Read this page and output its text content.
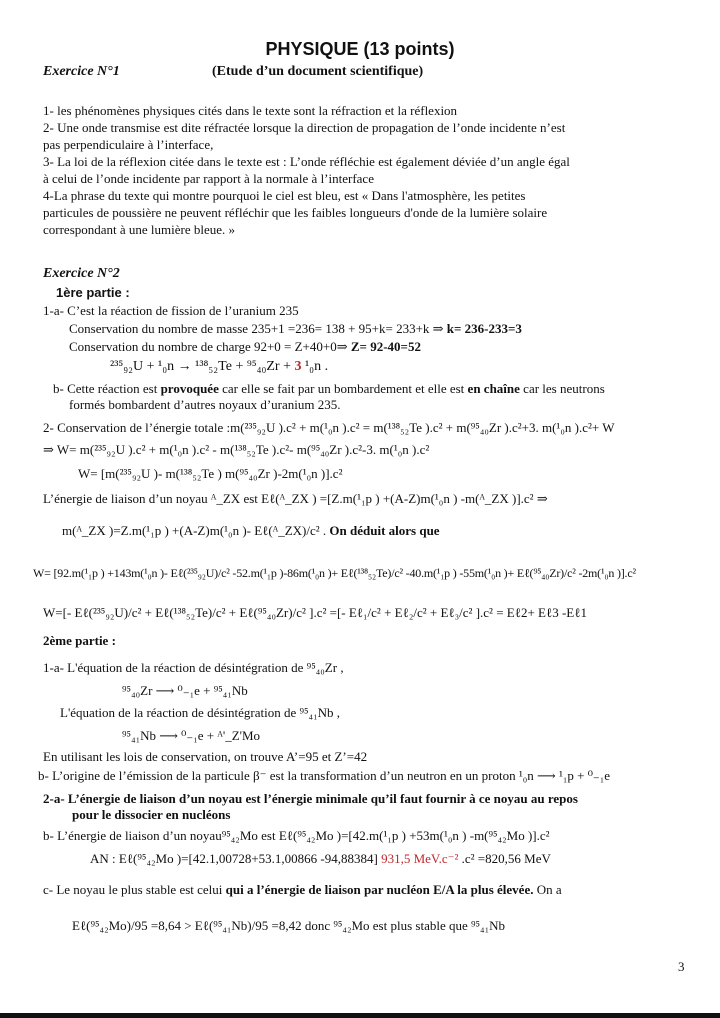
PHYSIQUE (13 points)
Exercice N°1	(Etude d’un document scientifique)
1- les phénomènes physiques cités dans le texte sont la réfraction et la réflexion
2- Une onde transmise est dite réfractée lorsque la direction de propagation de l’onde incidente n’est
pas perpendiculaire à l’interface,
3- La loi de la réflexion citée dans le texte est : L’onde réfléchie est également déviée d’un angle égal
à celui de l’onde incidente par rapport à la normale à l’interface
4-La phrase du texte qui montre pourquoi le ciel est bleu, est « Dans l'atmosphère, les petites
particules de poussière ne peuvent réfléchir que les faibles longueurs d'onde de la lumière solaire
correspondant à une lumière bleue. »
Exercice N°2
1ère partie :
1-a- C’est la réaction de fission de l’uranium 235
Conservation du nombre de masse 235+1 =236= 138 + 95+k= 233+k ⇒ k= 236-233=3
Conservation du nombre de charge 92+0 = Z+40+0⇒ Z= 92-40=52
²³⁵₉₂U + ¹₀n → ¹³⁸₅₂Te + ⁹⁵₄₀Zr + 3 ¹₀n .
b- Cette réaction est provoquée car elle se fait par un bombardement et elle est en chaîne car les neutrons
formés bombardent d’autres noyaux d’uranium 235.
2- Conservation de l’énergie totale :m(²³⁵₉₂U ).c² + m(¹₀n ).c² = m(¹³⁸₅₂Te ).c² + m(⁹⁵₄₀Zr ).c²+3. m(¹₀n ).c²+ W
⇒ W= m(²³⁵₉₂U ).c² + m(¹₀n ).c² - m(¹³⁸₅₂Te ).c²- m(⁹⁵₄₀Zr ).c²-3. m(¹₀n ).c²
W= [m(²³⁵₉₂U )- m(¹³⁸₅₂Te ) m(⁹⁵₄₀Zr )-2m(¹₀n )].c²
L’énergie de liaison d’un noyau ᴬ_ZX est Eℓ(ᴬ_ZX ) =[Z.m(¹₁p ) +(A-Z)m(¹₀n ) -m(ᴬ_ZX )].c² ⇒
m(ᴬ_ZX )=Z.m(¹₁p ) +(A-Z)m(¹₀n )- Eℓ(ᴬ_ZX)/c² . On déduit alors que
W= [92.m(¹₁p ) +143m(¹₀n )- Eℓ(²³⁵₉₂U)/c² -52.m(¹₁p )-86m(¹₀n )+ Eℓ(¹³⁸₅₂Te)/c² -40.m(¹₁p ) -55m(¹₀n )+ Eℓ(⁹⁵₄₀Zr)/c² -2m(¹₀n )].c²
W=[- Eℓ(²³⁵₉₂U)/c² + Eℓ(¹³⁸₅₂Te)/c² + Eℓ(⁹⁵₄₀Zr)/c² ].c² =[- Eℓ₁/c² + Eℓ₂/c² + Eℓ₃/c² ].c² = Eℓ2+ Eℓ3 -Eℓ1
2ème partie :
1-a- L'équation de la réaction de désintégration de ⁹⁵₄₀Zr ,
⁹⁵₄₀Zr ⟶ ⁰₋₁e + ⁹⁵₄₁Nb
L'équation de la réaction de désintégration de ⁹⁵₄₁Nb ,
⁹⁵₄₁Nb ⟶ ⁰₋₁e + ᴬ'_Z'Mo
En utilisant les lois de conservation, on trouve A’=95 et Z’=42
b- L’origine de l’émission de la particule β⁻ est la transformation d’un neutron en un proton ¹₀n ⟶ ¹₁p + ⁰₋₁e
2-a- L’énergie de liaison d’un noyau est l’énergie minimale qu’il faut fournir à ce noyau au repos
pour le dissocier en nucléons
b- L’énergie de liaison d’un noyau⁹⁵₄₂Mo est Eℓ(⁹⁵₄₂Mo )=[42.m(¹₁p ) +53m(¹₀n ) -m(⁹⁵₄₂Mo )].c²
AN : Eℓ(⁹⁵₄₂Mo )=[42.1,00728+53.1,00866 -94,88384] 931,5 MeV.c⁻² .c² =820,56 MeV
c- Le noyau le plus stable est celui qui a l’énergie de liaison par nucléon E/A la plus élevée. On a
Eℓ(⁹⁵₄₂Mo)/95 =8,64 > Eℓ(⁹⁵₄₁Nb)/95 =8,42 donc ⁹⁵₄₂Mo est plus stable que ⁹⁵₄₁Nb
3
